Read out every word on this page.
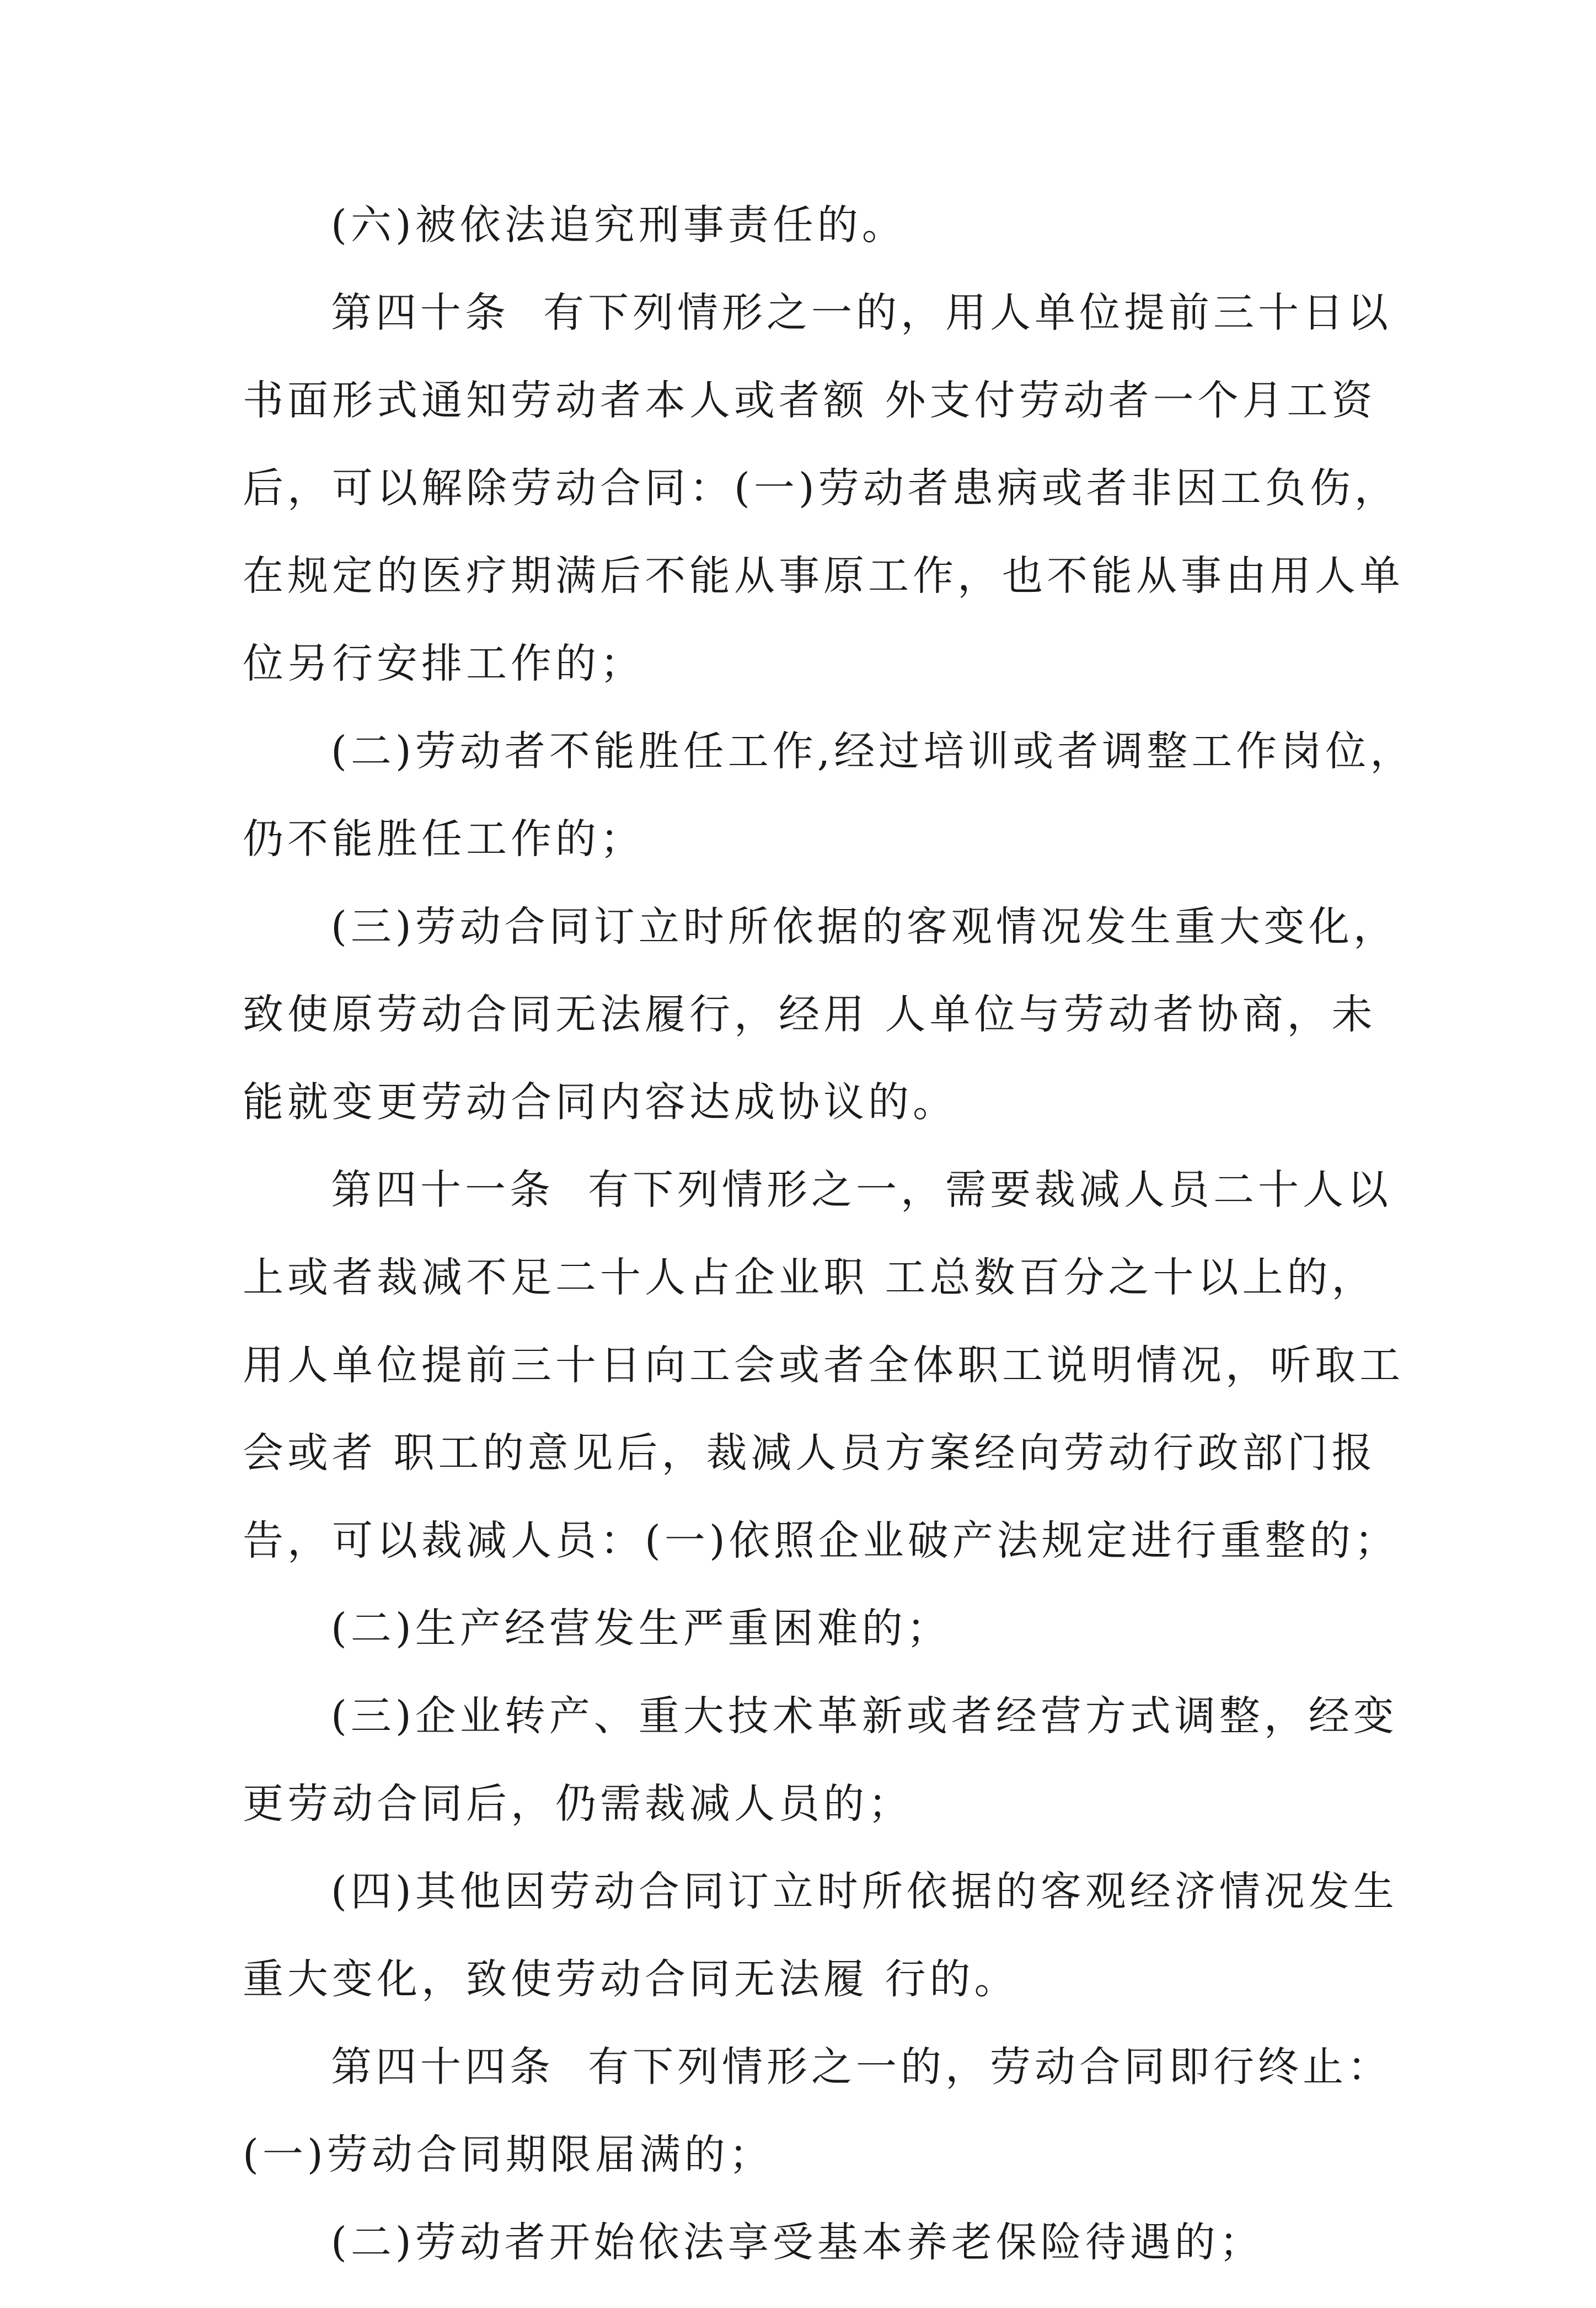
(六)被依法追究刑事责任的。
第四十条  有下列情形之一的，用人单位提前三十日以
书面形式通知劳动者本人或者额 外支付劳动者一个月工资
后，可以解除劳动合同：(一)劳动者患病或者非因工负伤，
在规定的医疗期满后不能从事原工作，也不能从事由用人单
位另行安排工作的；
(二)劳动者不能胜任工作,经过培训或者调整工作岗位，
仍不能胜任工作的；
(三)劳动合同订立时所依据的客观情况发生重大变化，
致使原劳动合同无法履行，经用 人单位与劳动者协商，未
能就变更劳动合同内容达成协议的。
第四十一条  有下列情形之一，需要裁减人员二十人以
上或者裁减不足二十人占企业职 工总数百分之十以上的，
用人单位提前三十日向工会或者全体职工说明情况，听取工
会或者 职工的意见后，裁减人员方案经向劳动行政部门报
告，可以裁减人员：(一)依照企业破产法规定进行重整的；
(二)生产经营发生严重困难的；
(三)企业转产、重大技术革新或者经营方式调整，经变
更劳动合同后，仍需裁减人员的；
(四)其他因劳动合同订立时所依据的客观经济情况发生
重大变化，致使劳动合同无法履 行的。
第四十四条  有下列情形之一的，劳动合同即行终止：
(一)劳动合同期限届满的；
(二)劳动者开始依法享受基本养老保险待遇的；
